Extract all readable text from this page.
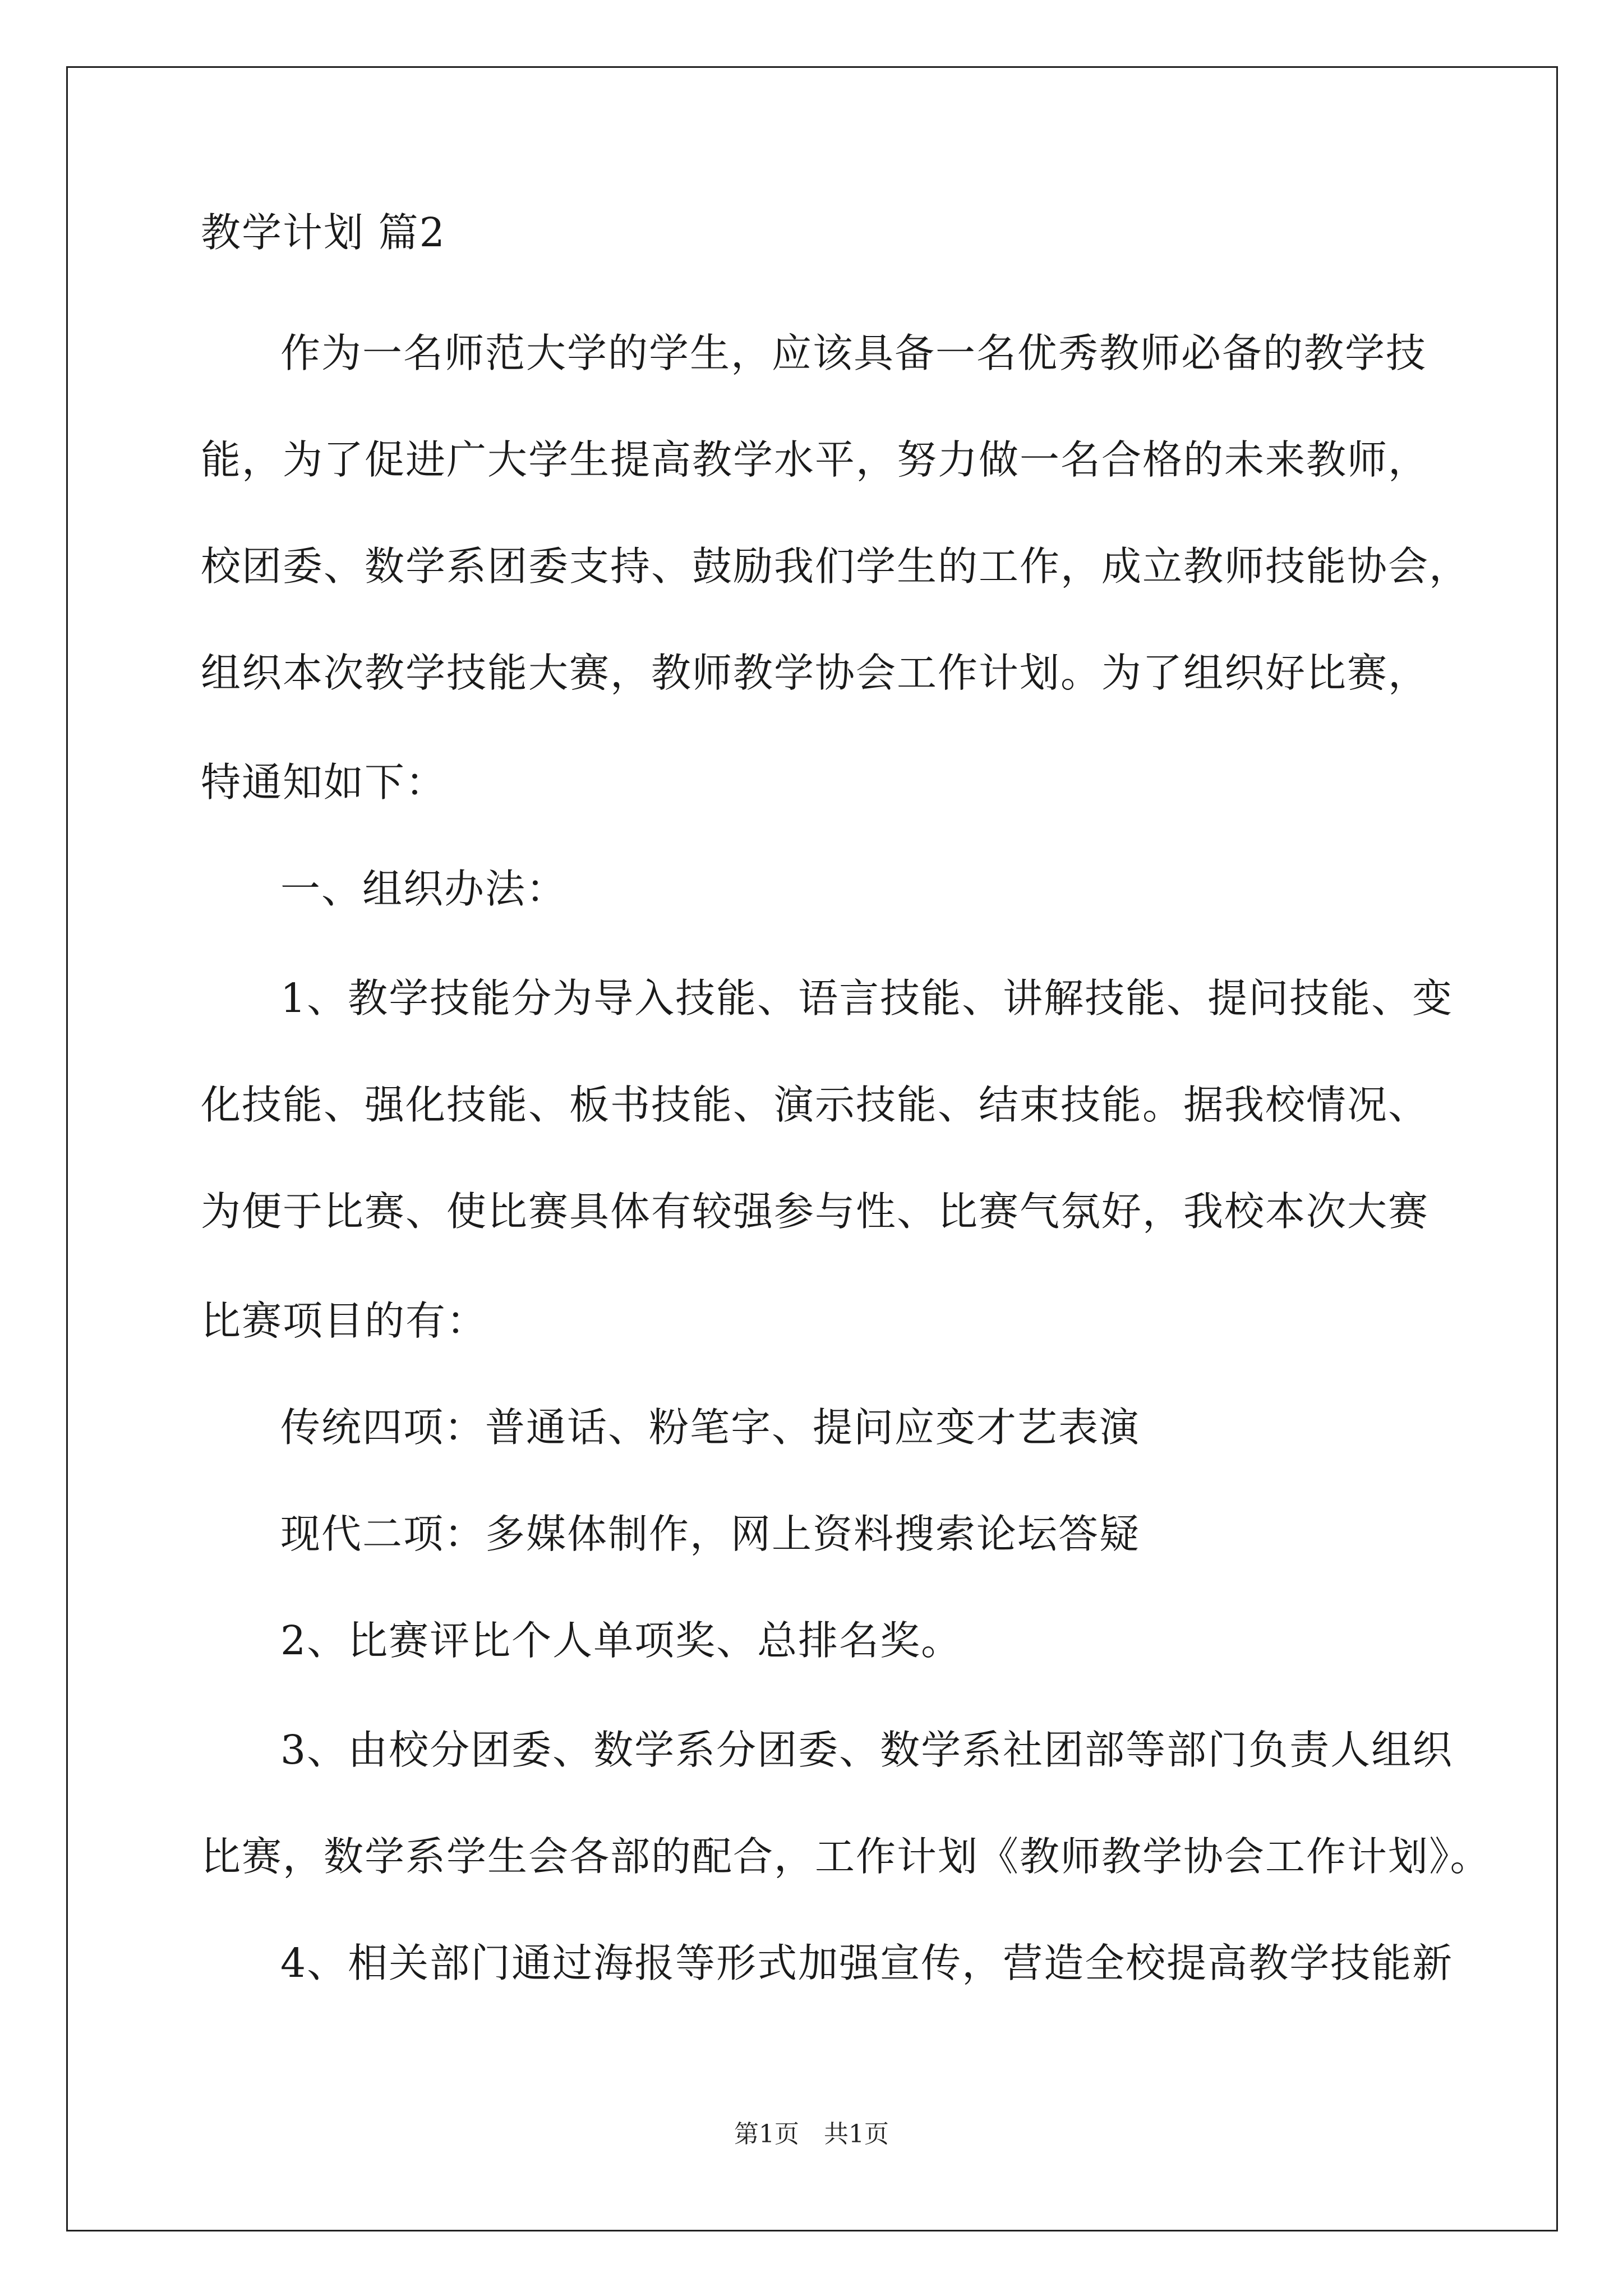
教学计划 篇2
作为一名师范大学的学生，应该具备一名优秀教师必备的教学技
能，为了促进广大学生提高教学水平，努力做一名合格的未来教师，
校团委、数学系团委支持、鼓励我们学生的工作，成立教师技能协会，
组织本次教学技能大赛，教师教学协会工作计划。为了组织好比赛，
特通知如下：
一、组织办法：
1、教学技能分为导入技能、语言技能、讲解技能、提问技能、变
化技能、强化技能、板书技能、演示技能、结束技能。据我校情况、
为便于比赛、使比赛具体有较强参与性、比赛气氛好，我校本次大赛
比赛项目的有：
传统四项：普通话、粉笔字、提问应变才艺表演
现代二项：多媒体制作，网上资料搜索论坛答疑
2、比赛评比个人单项奖、总排名奖。
3、由校分团委、数学系分团委、数学系社团部等部门负责人组织
比赛，数学系学生会各部的配合，工作计划《教师教学协会工作计划》。
4、相关部门通过海报等形式加强宣传，营造全校提高教学技能新
第1页　共1页
